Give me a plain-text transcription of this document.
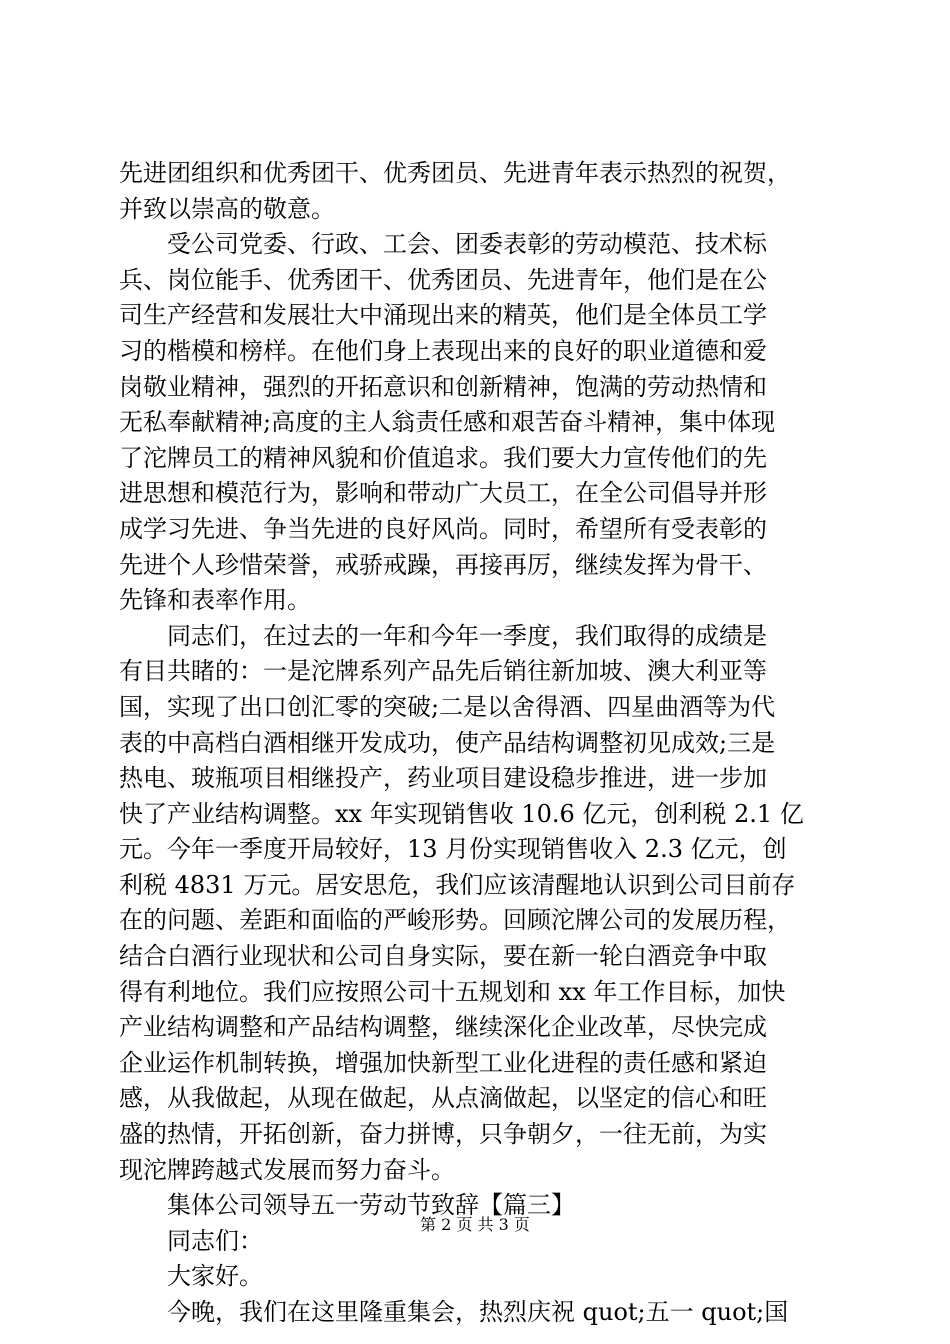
先进团组织和优秀团干、优秀团员、先进青年表示热烈的祝贺，
并致以崇高的敬意。
　　受公司党委、行政、工会、团委表彰的劳动模范、技术标
兵、岗位能手、优秀团干、优秀团员、先进青年，他们是在公
司生产经营和发展壮大中涌现出来的精英，他们是全体员工学
习的楷模和榜样。在他们身上表现出来的良好的职业道德和爱
岗敬业精神，强烈的开拓意识和创新精神，饱满的劳动热情和
无私奉献精神;高度的主人翁责任感和艰苦奋斗精神，集中体现
了沱牌员工的精神风貌和价值追求。我们要大力宣传他们的先
进思想和模范行为，影响和带动广大员工，在全公司倡导并形
成学习先进、争当先进的良好风尚。同时，希望所有受表彰的
先进个人珍惜荣誉，戒骄戒躁，再接再厉，继续发挥为骨干、
先锋和表率作用。
　　同志们，在过去的一年和今年一季度，我们取得的成绩是
有目共睹的：一是沱牌系列产品先后销往新加坡、澳大利亚等
国，实现了出口创汇零的突破;二是以舍得酒、四星曲酒等为代
表的中高档白酒相继开发成功，使产品结构调整初见成效;三是
热电、玻瓶项目相继投产，药业项目建设稳步推进，进一步加
快了产业结构调整。xx 年实现销售收 10.6 亿元，创利税 2.1 亿
元。今年一季度开局较好，13 月份实现销售收入 2.3 亿元，创
利税 4831 万元。居安思危，我们应该清醒地认识到公司目前存
在的问题、差距和面临的严峻形势。回顾沱牌公司的发展历程，
结合白酒行业现状和公司自身实际，要在新一轮白酒竞争中取
得有利地位。我们应按照公司十五规划和 xx 年工作目标，加快
产业结构调整和产品结构调整，继续深化企业改革，尽快完成
企业运作机制转换，增强加快新型工业化进程的责任感和紧迫
感，从我做起，从现在做起，从点滴做起，以坚定的信心和旺
盛的热情，开拓创新，奋力拼博，只争朝夕，一往无前，为实
现沱牌跨越式发展而努力奋斗。
　　集体公司领导五一劳动节致辞【篇三】
　　同志们：
　　大家好。
　　今晚，我们在这里隆重集会，热烈庆祝 quot;五一 quot;国
第 2 页 共 3 页
